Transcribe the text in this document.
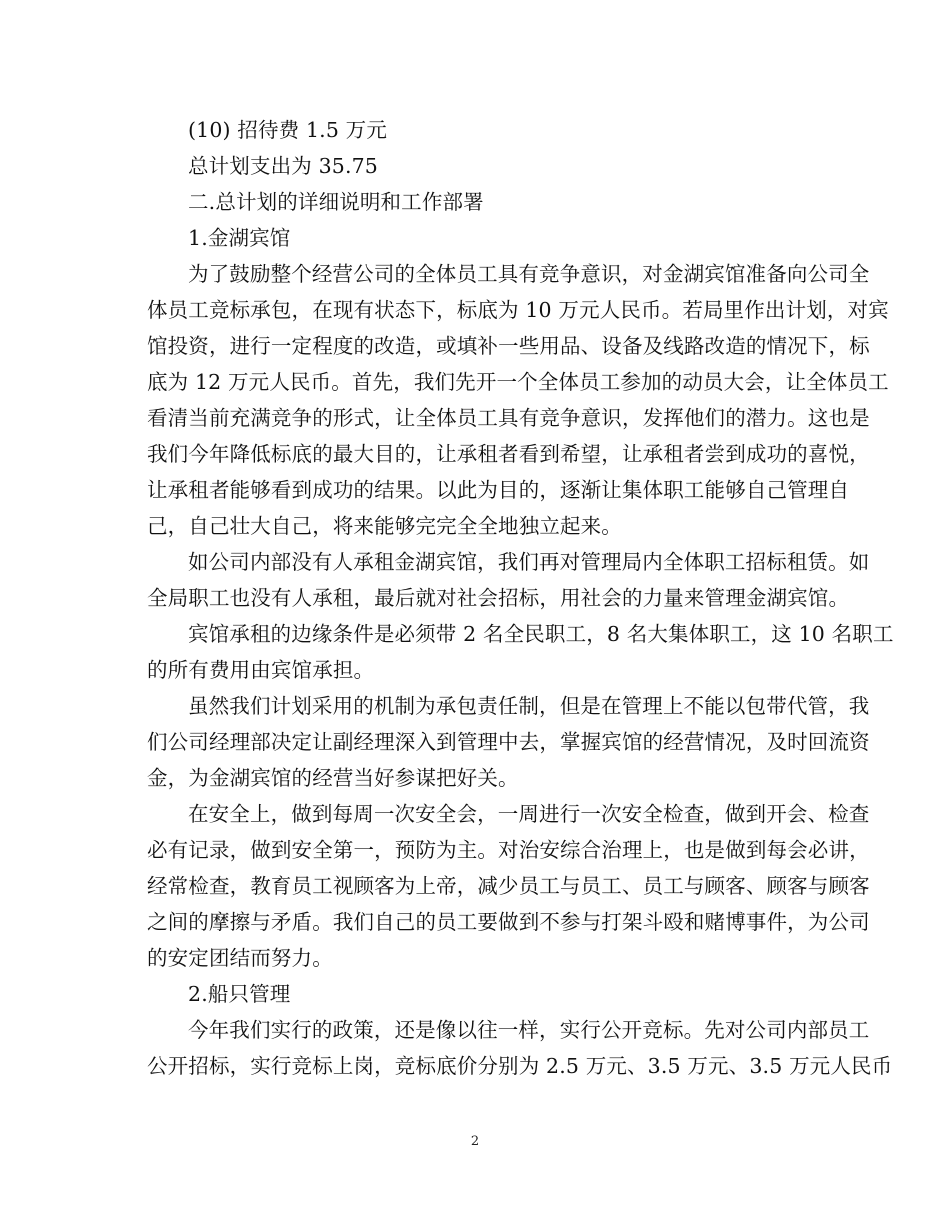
(10) 招待费 1.5 万元
总计划支出为 35.75
二.总计划的详细说明和工作部署
1.金湖宾馆
为了鼓励整个经营公司的全体员工具有竞争意识，对金湖宾馆准备向公司全
体员工竞标承包，在现有状态下，标底为 10 万元人民币。若局里作出计划，对宾
馆投资，进行一定程度的改造，或填补一些用品、设备及线路改造的情况下，标
底为 12 万元人民币。首先，我们先开一个全体员工参加的动员大会，让全体员工
看清当前充满竞争的形式，让全体员工具有竞争意识，发挥他们的潜力。这也是
我们今年降低标底的最大目的，让承租者看到希望，让承租者尝到成功的喜悦，
让承租者能够看到成功的结果。以此为目的，逐渐让集体职工能够自己管理自
己，自己壮大自己，将来能够完完全全地独立起来。
如公司内部没有人承租金湖宾馆，我们再对管理局内全体职工招标租赁。如
全局职工也没有人承租，最后就对社会招标，用社会的力量来管理金湖宾馆。
宾馆承租的边缘条件是必须带 2 名全民职工，8 名大集体职工，这 10 名职工
的所有费用由宾馆承担。
虽然我们计划采用的机制为承包责任制，但是在管理上不能以包带代管，我
们公司经理部决定让副经理深入到管理中去，掌握宾馆的经营情况，及时回流资
金，为金湖宾馆的经营当好参谋把好关。
在安全上，做到每周一次安全会，一周进行一次安全检查，做到开会、检查
必有记录，做到安全第一，预防为主。对治安综合治理上，也是做到每会必讲，
经常检查，教育员工视顾客为上帝，减少员工与员工、员工与顾客、顾客与顾客
之间的摩擦与矛盾。我们自己的员工要做到不参与打架斗殴和赌博事件，为公司
的安定团结而努力。
2.船只管理
今年我们实行的政策，还是像以往一样，实行公开竞标。先对公司内部员工
公开招标，实行竞标上岗，竞标底价分别为 2.5 万元、3.5 万元、3.5 万元人民币
2
